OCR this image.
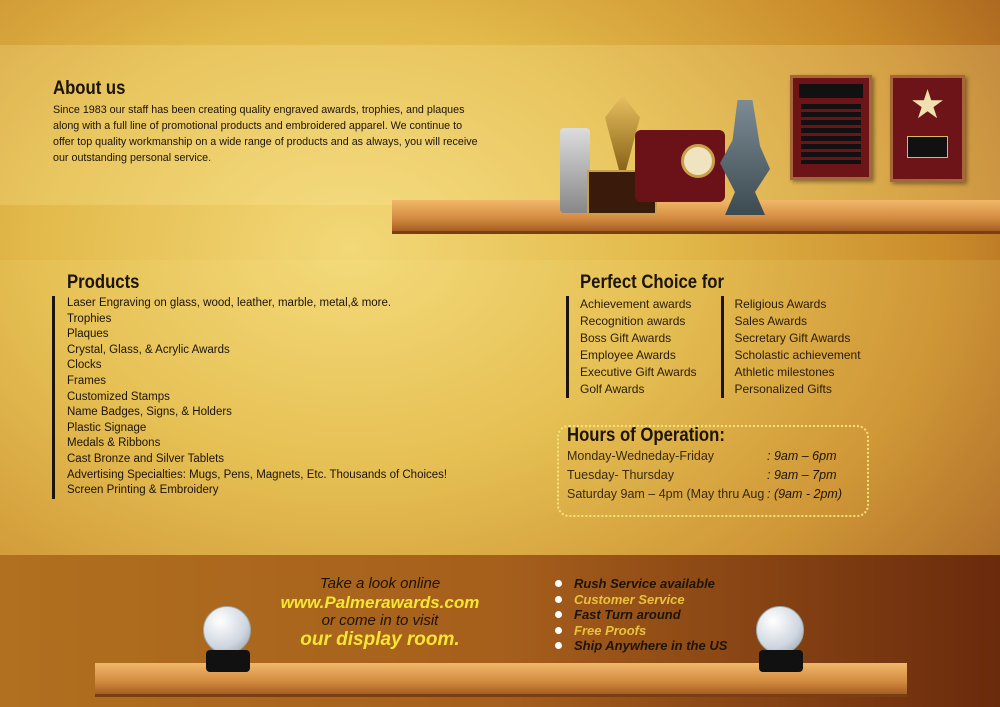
★
About us

Since 1983 our staff has been creating quality engraved awards, trophies, and plaques along with a full line of promotional products and embroidered apparel. We continue to offer top quality workmanship on a wide range of products and as always, you will receive our outstanding personal service.

Products
Laser Engraving on glass, wood, leather, marble, metal,& more.
Trophies
Plaques
Crystal, Glass, & Acrylic Awards
Clocks
Frames
Customized Stamps
Name Badges, Signs, & Holders
Plastic Signage
Medals & Ribbons
Cast Bronze and Silver Tablets
Advertising Specialties: Mugs, Pens, Magnets, Etc. Thousands of Choices!
Screen Printing & Embroidery
Perfect Choice for
Achievement awards
Recognition awards
Boss Gift Awards
Employee Awards
Executive Gift Awards
Golf Awards
Religious Awards
Sales Awards
Secretary Gift Awards
Scholastic achievement
Athletic milestones
Personalized Gifts
Hours of Operation:
Monday-Wedneday-Friday	: 9am – 6pm
Tuesday- Thursday	: 9am – 7pm
Saturday 9am – 4pm (May thru Aug : (9am - 2pm)
Take a look online
www.Palmerawards.com
or come in to visit
our display room.
Rush Service available
Customer Service
Fast Turn around
Free Proofs
Ship Anywhere in the US
